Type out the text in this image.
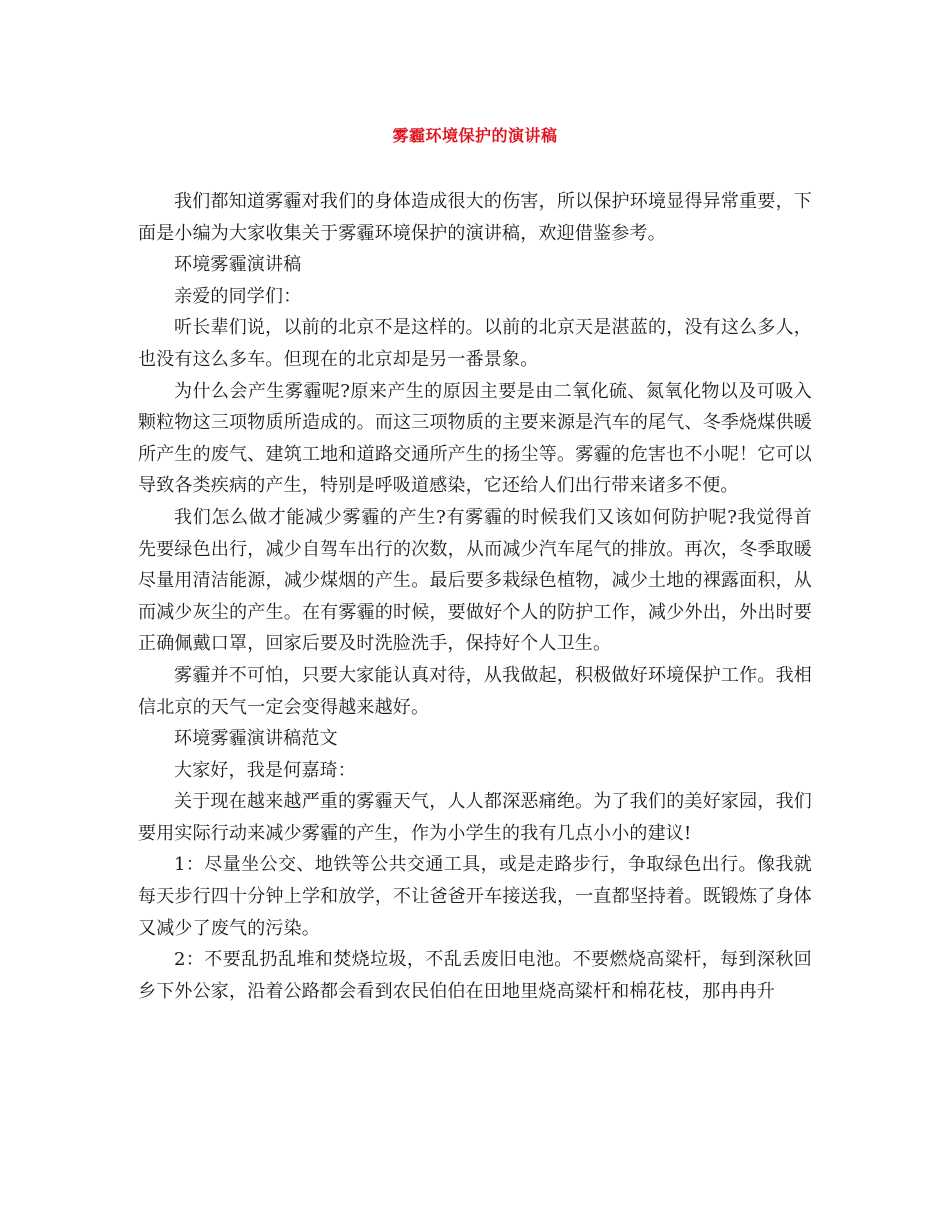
雾霾环境保护的演讲稿

我们都知道雾霾对我们的身体造成很大的伤害，所以保护环境显得异常重要，下面是小编为大家收集关于雾霾环境保护的演讲稿，欢迎借鉴参考。

环境雾霾演讲稿

亲爱的同学们：

听长辈们说，以前的北京不是这样的。以前的北京天是湛蓝的，没有这么多人，也没有这么多车。但现在的北京却是另一番景象。

为什么会产生雾霾呢?原来产生的原因主要是由二氧化硫、氮氧化物以及可吸入颗粒物这三项物质所造成的。而这三项物质的主要来源是汽车的尾气、冬季烧煤供暖所产生的废气、建筑工地和道路交通所产生的扬尘等。雾霾的危害也不小呢！它可以导致各类疾病的产生，特别是呼吸道感染，它还给人们出行带来诸多不便。

我们怎么做才能减少雾霾的产生?有雾霾的时候我们又该如何防护呢?我觉得首先要绿色出行，减少自驾车出行的次数，从而减少汽车尾气的排放。再次，冬季取暖尽量用清洁能源，减少煤烟的产生。最后要多栽绿色植物，减少土地的裸露面积，从而减少灰尘的产生。在有雾霾的时候，要做好个人的防护工作，减少外出，外出时要正确佩戴口罩，回家后要及时洗脸洗手，保持好个人卫生。

雾霾并不可怕，只要大家能认真对待，从我做起，积极做好环境保护工作。我相信北京的天气一定会变得越来越好。

环境雾霾演讲稿范文

大家好，我是何嘉琦：

关于现在越来越严重的雾霾天气，人人都深恶痛绝。为了我们的美好家园，我们要用实际行动来减少雾霾的产生，作为小学生的我有几点小小的建议!

1：尽量坐公交、地铁等公共交通工具，或是走路步行，争取绿色出行。像我就每天步行四十分钟上学和放学，不让爸爸开车接送我，一直都坚持着。既锻炼了身体又减少了废气的污染。

2：不要乱扔乱堆和焚烧垃圾，不乱丢废旧电池。不要燃烧高粱杆，每到深秋回乡下外公家，沿着公路都会看到农民伯伯在田地里烧高粱杆和棉花枝，那冉冉升
